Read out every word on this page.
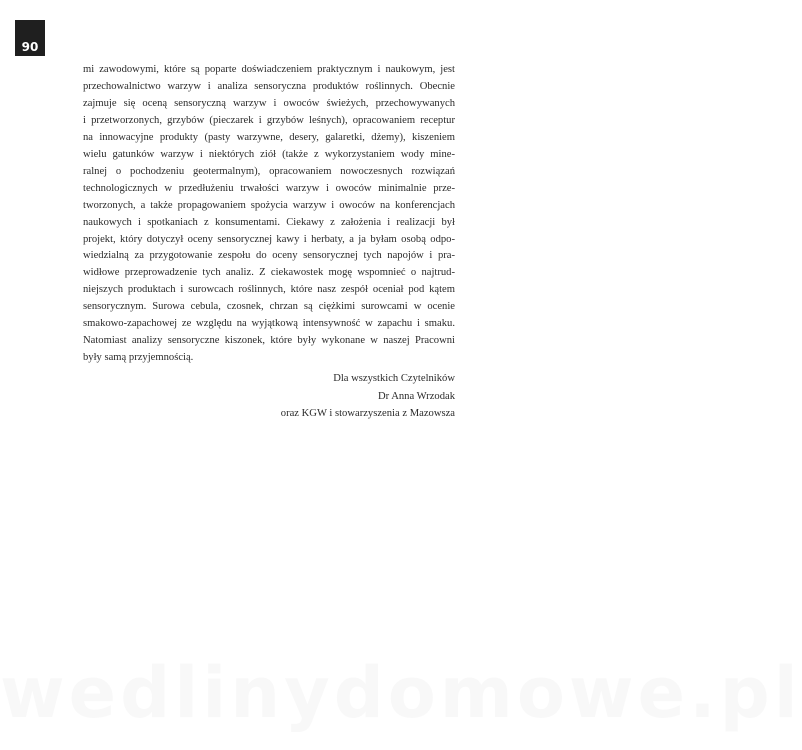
90
mi zawodowymi, które są poparte doświadczeniem praktycznym i naukowym, jest
przechowalnictwo warzyw i analiza sensoryczna produktów roślinnych. Obecnie
zajmuje się oceną sensoryczną warzyw i owoców świeżych, przechowywanych
i przetworzonych, grzybów (pieczarek i grzybów leśnych), opracowaniem receptur
na innowacyjne produkty (pasty warzywne, desery, galaretki, dżemy), kiszeniem
wielu gatunków warzyw i niektórych ziół (także z wykorzystaniem wody mine-
ralnej o pochodzeniu geotermalnym), opracowaniem nowoczesnych rozwiązań
technologicznych w przedłużeniu trwałości warzyw i owoców minimalnie prze-
tworzonych, a także propagowaniem spożycia warzyw i owoców na konferencjach
naukowych i spotkaniach z konsumentami. Ciekawy z założenia i realizacji był
projekt, który dotyczył oceny sensorycznej kawy i herbaty, a ja byłam osobą odpo-
wiedzialną za przygotowanie zespołu do oceny sensorycznej tych napojów i pra-
widłowe przeprowadzenie tych analiz. Z ciekawostek mogę wspomnieć o najtrud-
niejszych produktach i surowcach roślinnych, które nasz zespół oceniał pod kątem
sensorycznym. Surowa cebula, czosnek, chrzan są ciężkimi surowcami w ocenie
smakowo-zapachowej ze względu na wyjątkową intensywność w zapachu i smaku.
Natomiast analizy sensoryczne kiszonek, które były wykonane w naszej Pracowni
były samą przyjemnością.
Dla wszystkich Czytelników
Dr Anna Wrzodak
oraz KGW i stowarzyszenia z Mazowsza
wedlinydomowe.pl
